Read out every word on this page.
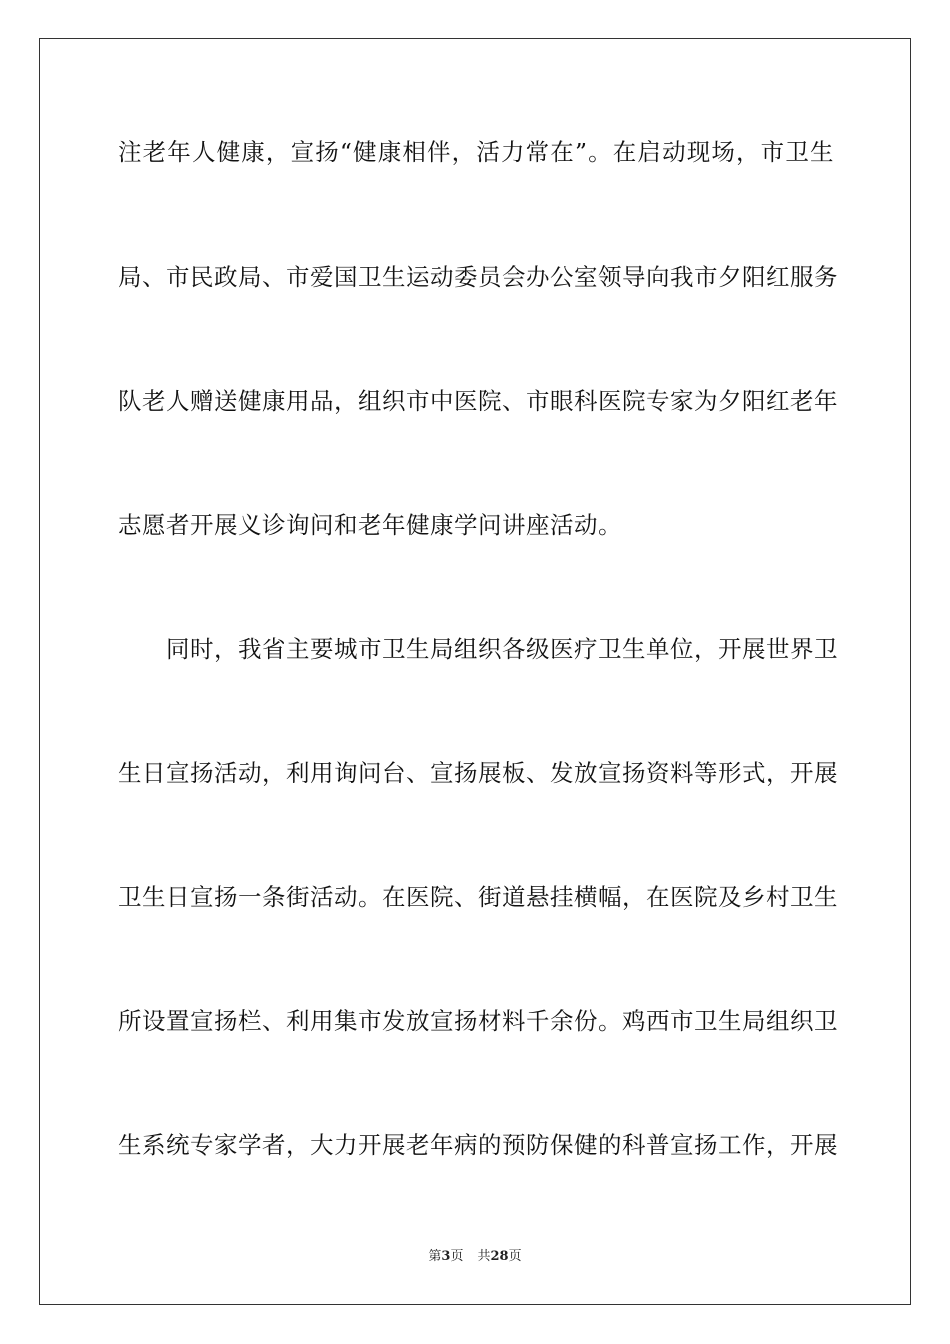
注老年人健康，宣扬“健康相伴，活力常在”。在启动现场，市卫生
局、市民政局、市爱国卫生运动委员会办公室领导向我市夕阳红服务
队老人赠送健康用品，组织市中医院、市眼科医院专家为夕阳红老年
志愿者开展义诊询问和老年健康学问讲座活动。
同时，我省主要城市卫生局组织各级医疗卫生单位，开展世界卫
生日宣扬活动，利用询问台、宣扬展板、发放宣扬资料等形式，开展
卫生日宣扬一条街活动。在医院、街道悬挂横幅，在医院及乡村卫生
所设置宣扬栏、利用集市发放宣扬材料千余份。鸡西市卫生局组织卫
生系统专家学者，大力开展老年病的预防保健的科普宣扬工作，开展
第3页 共28页
